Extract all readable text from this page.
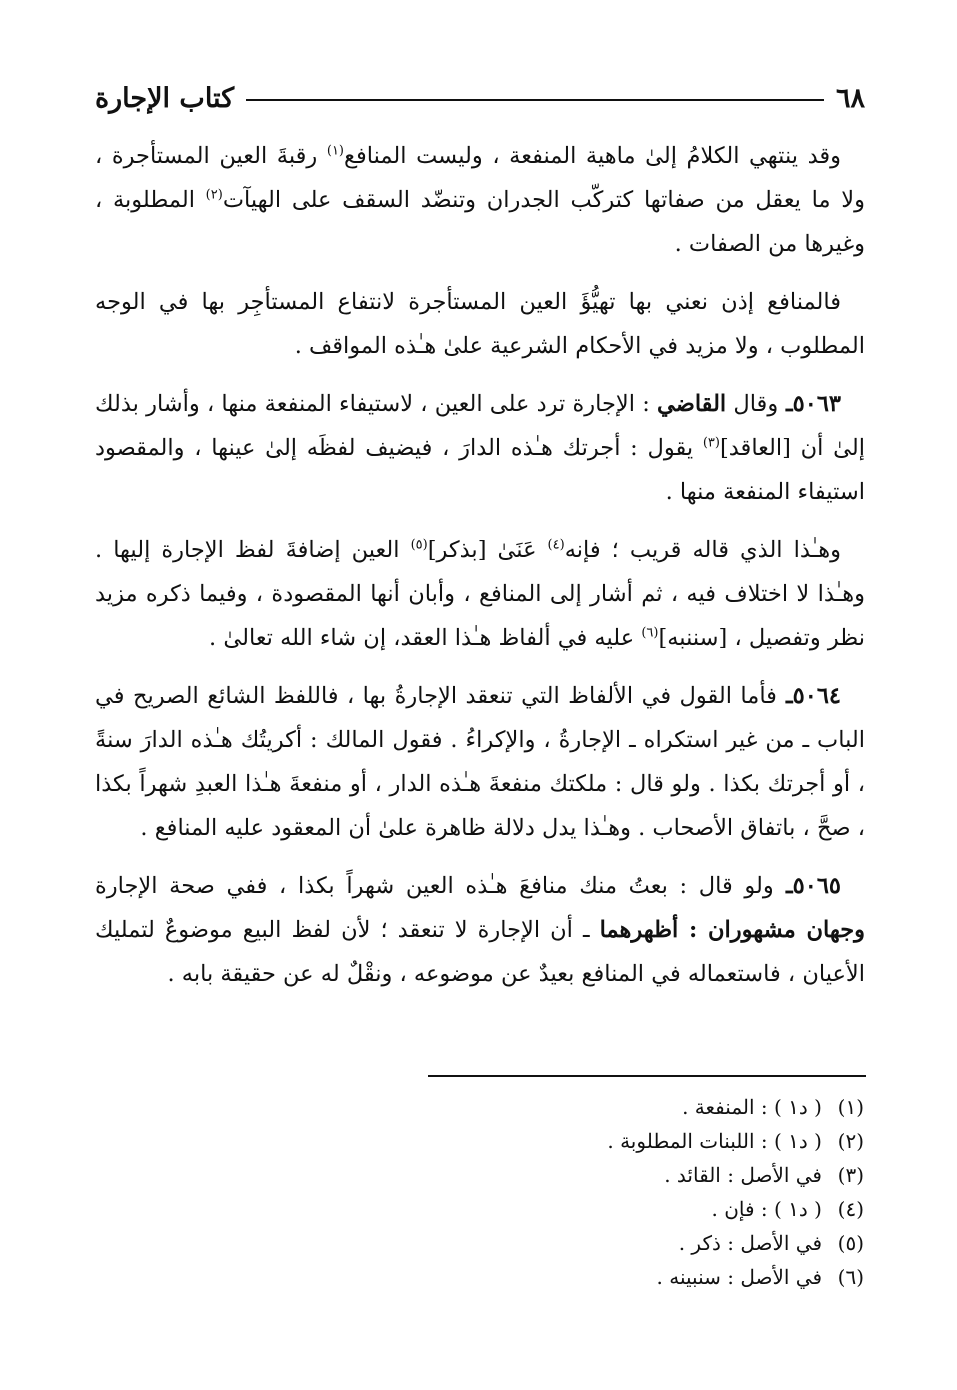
٦٨
كتاب الإجارة

وقد ينتهي الكلامُ إلىٰ ماهية المنفعة ، وليست المنافع$^{(١)}$ رقبةَ العين المستأجرة ، ولا ما يعقل من صفاتها كتركّب الجدران وتنضّد السقف على الهيآت$^{(٢)}$ المطلوبة ، وغيرها من الصفات .

فالمنافع إذن نعني بها تهيُّؤَ العين المستأجرة لانتفاع المستأجِر بها في الوجه المطلوب ، ولا مزيد في الأحكام الشرعية علىٰ هـٰذه المواقف .

٥٠٦٣ـ وقال القاضي : الإجارة ترد على العين ، لاستيفاء المنفعة منها ، وأشار بذلك إلىٰ أن [العاقد]$^{(٣)}$ يقول : أجرتك هـٰذه الدارَ ، فيضيف لفظَه إلىٰ عينها ، والمقصود استيفاء المنفعة منها .

وهـٰذا الذي قاله قريب ؛ فإنه$^{(٤)}$ عَنَىٰ [بذكر]$^{(٥)}$ العين إضافةَ لفظ الإجارة إليها . وهـٰذا لا اختلاف فيه ، ثم أشار إلى المنافع ، وأبان أنها المقصودة ، وفيما ذكره مزيد نظر وتفصيل ، [سننبه]$^{(٦)}$ عليه في ألفاظ هـٰذا العقد، إن شاء الله تعالىٰ .

٥٠٦٤ـ فأما القول في الألفاظ التي تنعقد الإجارةُ بها ، فاللفظ الشائع الصريح في الباب ـ من غير استكراه ـ الإجارةُ ، والإكراءُ . فقول المالك : أكريتُك هـٰذه الدارَ سنةً ، أو أجرتك بكذا . ولو قال : ملكتك منفعةَ هـٰذه الدار ، أو منفعةَ هـٰذا العبدِ شهراً بكذا ، صحَّ ، باتفاق الأصحاب . وهـٰذا يدل دلالة ظاهرة علىٰ أن المعقود عليه المنافع .

٥٠٦٥ـ ولو قال : بعتُ منك منافعَ هـٰذه العين شهراً بكذا ، ففي صحة الإجارة وجهان مشهوران : أظهرهما ـ أن الإجارة لا تنعقد ؛ لأن لفظ البيع موضوعٌ لتمليك الأعيان ، فاستعماله في المنافع بعيدٌ عن موضوعه ، ونقْلٌ له عن حقيقة بابه .

(١)
( د١ ) : المنفعة .
(٢)
( د١ ) : اللبنات المطلوبة .
(٣)
في الأصل : القائد .
(٤)
( د١ ) : فإن .
(٥)
في الأصل : ذكر .
(٦)
في الأصل : سنبينه .
